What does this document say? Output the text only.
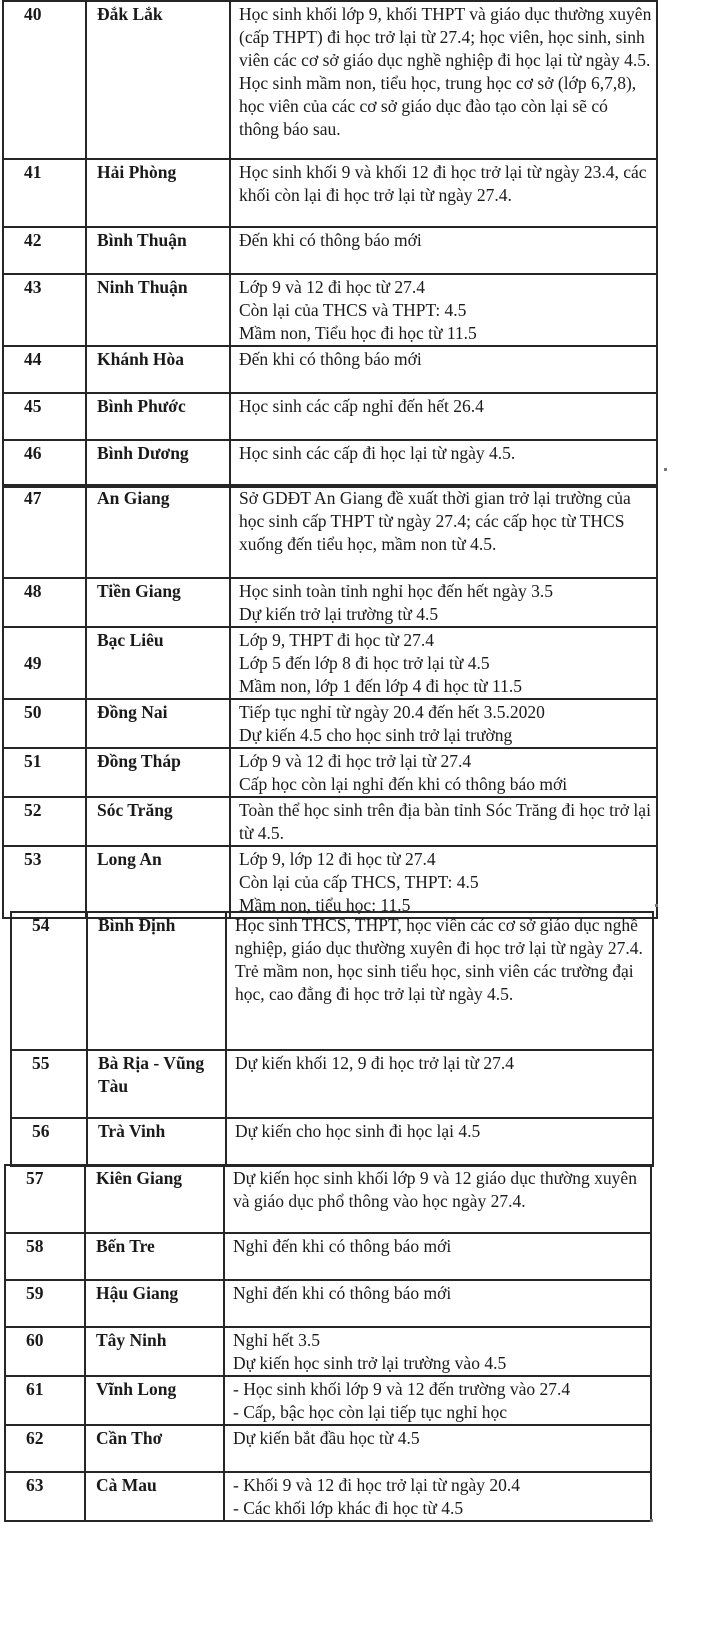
40	Đắk Lắk	Học sinh khối lớp 9, khối THPT và giáo dục thường xuyên (cấp THPT) đi học trở lại từ 27.4; học viên, học sinh, sinh viên các cơ sở giáo dục nghề nghiệp đi học lại từ ngày 4.5.
Học sinh mầm non, tiểu học, trung học cơ sở (lớp 6,7,8), học viên của các cơ sở giáo dục đào tạo còn lại sẽ có thông báo sau.

41	Hải Phòng	Học sinh khối 9 và khối 12 đi học trở lại từ ngày 23.4, các khối còn lại đi học trở lại từ ngày 27.4.

42	Bình Thuận	Đến khi có thông báo mới

43	Ninh Thuận	Lớp 9 và 12 đi học từ 27.4
Còn lại của THCS và THPT: 4.5
Mầm non, Tiểu học đi học từ 11.5

44	Khánh Hòa	Đến khi có thông báo mới

45	Bình Phước	Học sinh các cấp nghỉ đến hết 26.4

46	Bình Dương	Học sinh các cấp đi học lại từ ngày 4.5.
47	An Giang	Sở GDĐT An Giang đề xuất thời gian trở lại trường của học sinh cấp THPT từ ngày 27.4; các cấp học từ THCS xuống đến tiểu học, mầm non từ 4.5.

48	Tiền Giang	Học sinh toàn tỉnh nghỉ học đến hết ngày 3.5
Dự kiến trở lại trường từ 4.5

49	Bạc Liêu	Lớp 9, THPT đi học từ 27.4
Lớp 5 đến lớp 8 đi học trở lại từ 4.5
Mầm non, lớp 1 đến lớp 4 đi học từ 11.5

50	Đồng Nai	Tiếp tục nghỉ từ ngày 20.4 đến hết 3.5.2020
Dự kiến 4.5 cho học sinh trở lại trường

51	Đồng Tháp	Lớp 9 và 12 đi học trở lại từ 27.4
Cấp học còn lại nghỉ đến khi có thông báo mới

52	Sóc Trăng	Toàn thể học sinh trên địa bàn tỉnh Sóc Trăng đi học trở lại từ 4.5.

53	Long An	Lớp 9, lớp 12 đi học từ 27.4
Còn lại của cấp THCS, THPT: 4.5
Mầm non, tiểu học: 11.5
54	Bình Định	Học sinh THCS, THPT, học viên các cơ sở giáo dục nghề nghiệp, giáo dục thường xuyên đi học trở lại từ ngày 27.4.
Trẻ mầm non, học sinh tiểu học, sinh viên các trường đại học, cao đẳng đi học trở lại từ ngày 4.5.

55	Bà Rịa - Vũng Tàu	Dự kiến khối 12, 9 đi học trở lại từ 27.4

56	Trà Vinh	Dự kiến cho học sinh đi học lại 4.5
57	Kiên Giang	Dự kiến học sinh khối lớp 9 và 12 giáo dục thường xuyên và giáo dục phổ thông vào học ngày 27.4.

58	Bến Tre	Nghỉ đến khi có thông báo mới

59	Hậu Giang	Nghỉ đến khi có thông báo mới

60	Tây Ninh	Nghỉ hết 3.5
Dự kiến học sinh trở lại trường vào 4.5

61	Vĩnh Long	- Học sinh khối lớp 9 và 12 đến trường vào 27.4
- Cấp, bậc học còn lại tiếp tục nghỉ học

62	Cần Thơ	Dự kiến bắt đầu học từ 4.5

63	Cà Mau	- Khối 9 và 12 đi học trở lại từ ngày 20.4
- Các khối lớp khác đi học từ 4.5
